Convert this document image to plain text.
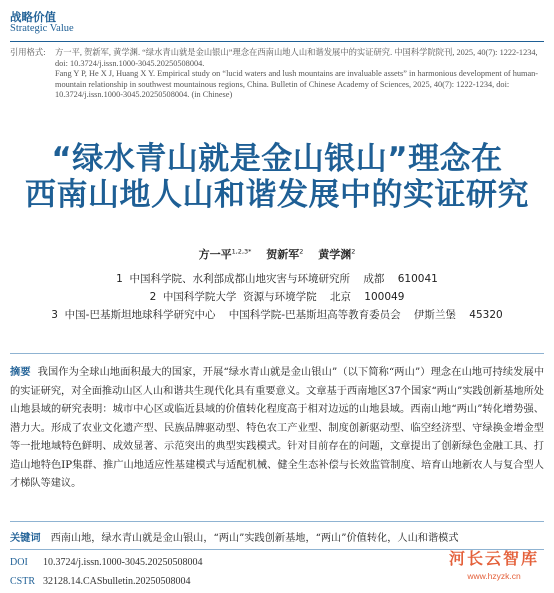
战略价值
Strategic Value
引用格式:	方一平, 贺新军, 黄学渊. “绿水青山就是金山银山”理念在西南山地人山和谐发展中的实证研究. 中国科学院院刊, 2025, 40(7): 1222-1234, doi: 10.3724/j.issn.1000-3045.20250508004.
Fang Y P, He X J, Huang X Y. Empirical study on “lucid waters and lush mountains are invaluable assets” in harmonious development of human-mountain relationship in southwest mountainous regions, China. Bulletin of Chinese Academy of Sciences, 2025, 40(7): 1222-1234, doi: 10.3724/j.issn.1000-3045.20250508004. (in Chinese)
“绿水青山就是金山银山”理念在
西南山地人山和谐发展中的实证研究
方一平$^{1,2,3*}$ 贺新军$^2$ 黄学渊$^2$
1  中国科学院、水利部成都山地灾害与环境研究所    成都    610041
2  中国科学院大学  资源与环境学院    北京    100049
3  中国-巴基斯坦地球科学研究中心    中国科学院-巴基斯坦高等教育委员会    伊斯兰堡    45320
摘要 我国作为全球山地面积最大的国家，开展“绿水青山就是金山银山”（以下简称“两山”）理念在山地可持续发展中的实证研究，对全面推动山区人山和谐共生现代化具有重要意义。文章基于西南地区37个国家“两山”实践创新基地所处山地县域的研究表明：城市中心区或临近县域的价值转化程度高于相对边远的山地县域。西南山地“两山”转化增势强、潜力大。形成了农业文化遗产型、民族品牌驱动型、特色农工产业型、制度创新驱动型、临空经济型、守绿换金增金型等一批地域特色鲜明、成效显著、示范突出的典型实践模式。针对目前存在的问题，文章提出了创新绿色金融工具、打造山地特色IP集群、推广山地适应性基建模式与适配机械、健全生态补偿与长效监管制度、培育山地新农人与复合型人才梯队等建议。
关键词 西南山地，绿水青山就是金山银山，“两山”实践创新基地，“两山”价值转化，人山和谐模式
DOI 10.3724/j.issn.1000-3045.20250508004
CSTR 32128.14.CASbulletin.20250508004
河长云智库
www.hzyzk.cn
